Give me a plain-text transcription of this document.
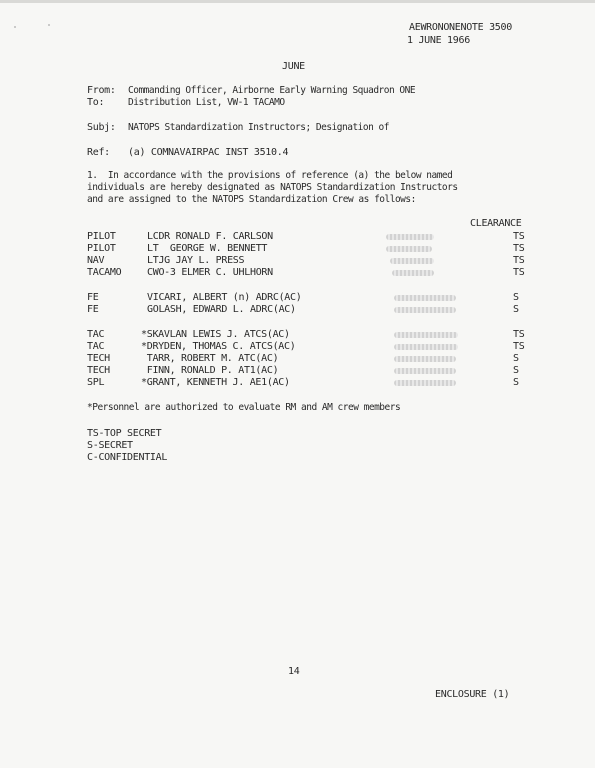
AEWRONONENOTE 3500
1 JUNE 1966
JUNE
From: Commanding Officer, Airborne Early Warning Squadron ONE
To:	Distribution List, VW-1 TACAMO
Subj: NATOPS Standardization Instructors; Designation of
Ref: (a) COMNAVAIRPAC INST 3510.4
1.  In accordance with the provisions of reference (a) the below named
individuals are hereby designated as NATOPS Standardization Instructors
and are assigned to the NATOPS Standardization Crew as follows:
CLEARANCE
PILOT	LCDR RONALD F. CARLSON	TS
PILOT	LT  GEORGE W. BENNETT	TS
NAV	LTJG JAY L. PRESS	TS
TACAMO	CWO-3 ELMER C. UHLHORN	TS
FE	VICARI, ALBERT (n) ADRC(AC)	S
FE	GOLASH, EDWARD L. ADRC(AC)	S
TAC	*SKAVLAN LEWIS J. ATCS(AC)	TS
TAC	*DRYDEN, THOMAS C. ATCS(AC)	TS
TECH	TARR, ROBERT M. ATC(AC)	S
TECH	FINN, RONALD P. AT1(AC)	S
SPL	*GRANT, KENNETH J. AE1(AC)	S
*Personnel are authorized to evaluate RM and AM crew members
TS-TOP SECRET
S-SECRET
C-CONFIDENTIAL
14
ENCLOSURE (1)
